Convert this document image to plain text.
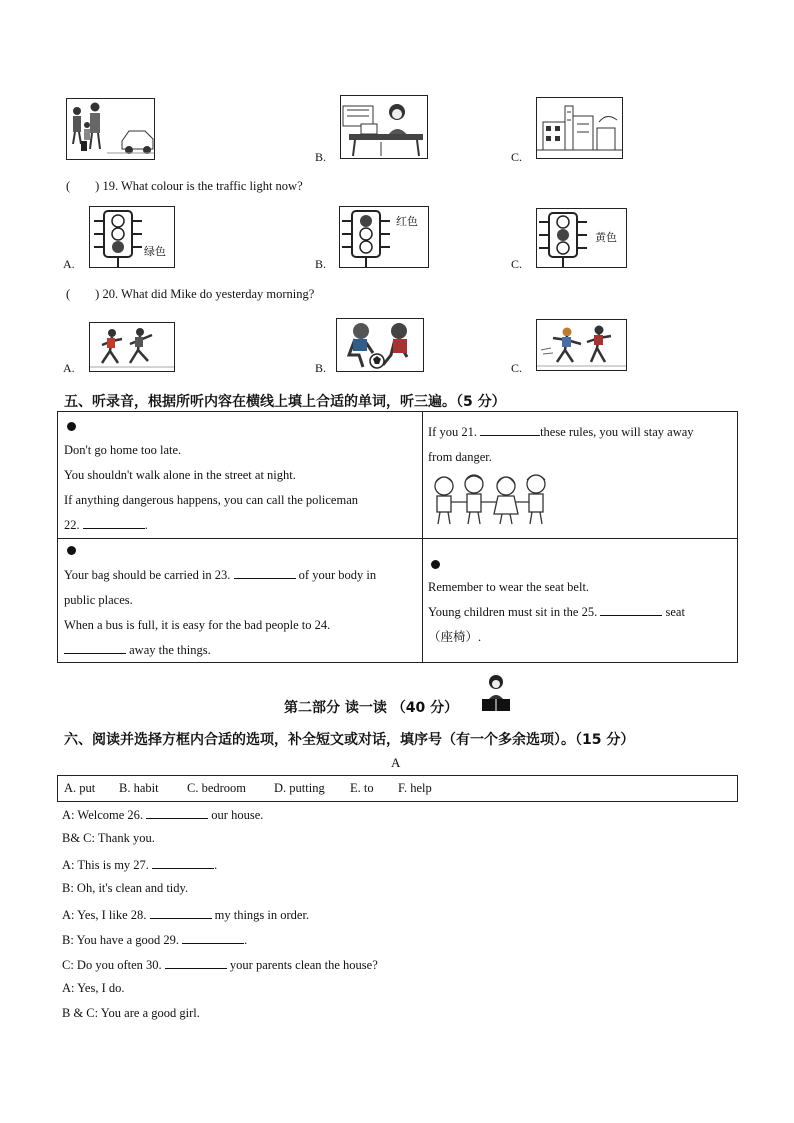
B.	C.
(　　) 19. What colour is the traffic light now?
A.
绿色
B.
红色
C.
黄色
(　　) 20. What did Mike do yesterday morning?
A.	B.	C.
五、听录音，根据所听内容在横线上填上合适的单词，听三遍。（5 分）
Don't go home too late.
You shouldn't walk alone in the street at night.
If anything dangerous happens, you can call the policeman
22.	.
If you 21.	these rules, you will stay away
from danger.
Your bag should be carried in 23.	of your body in
public places.
When a bus is full, it is easy for the bad people to 24.
away the things.
Remember to wear the seat belt.
Young children must sit in the 25.	seat
（座椅）.
第二部分 读一读 （40 分）
六、阅读并选择方框内合适的选项，补全短文或对话，填序号（有一个多余选项）。（15 分）
A
A. put B. habit C. bedroom D. putting E. to F. help
A: Welcome 26.	our house.
B& C: Thank you.
A: This is my 27.	.
B: Oh, it's clean and tidy.
A: Yes, I like 28.	my things in order.
B: You have a good 29.	.
C: Do you often 30.	your parents clean the house?
A: Yes, I do.
B & C: You are a good girl.
